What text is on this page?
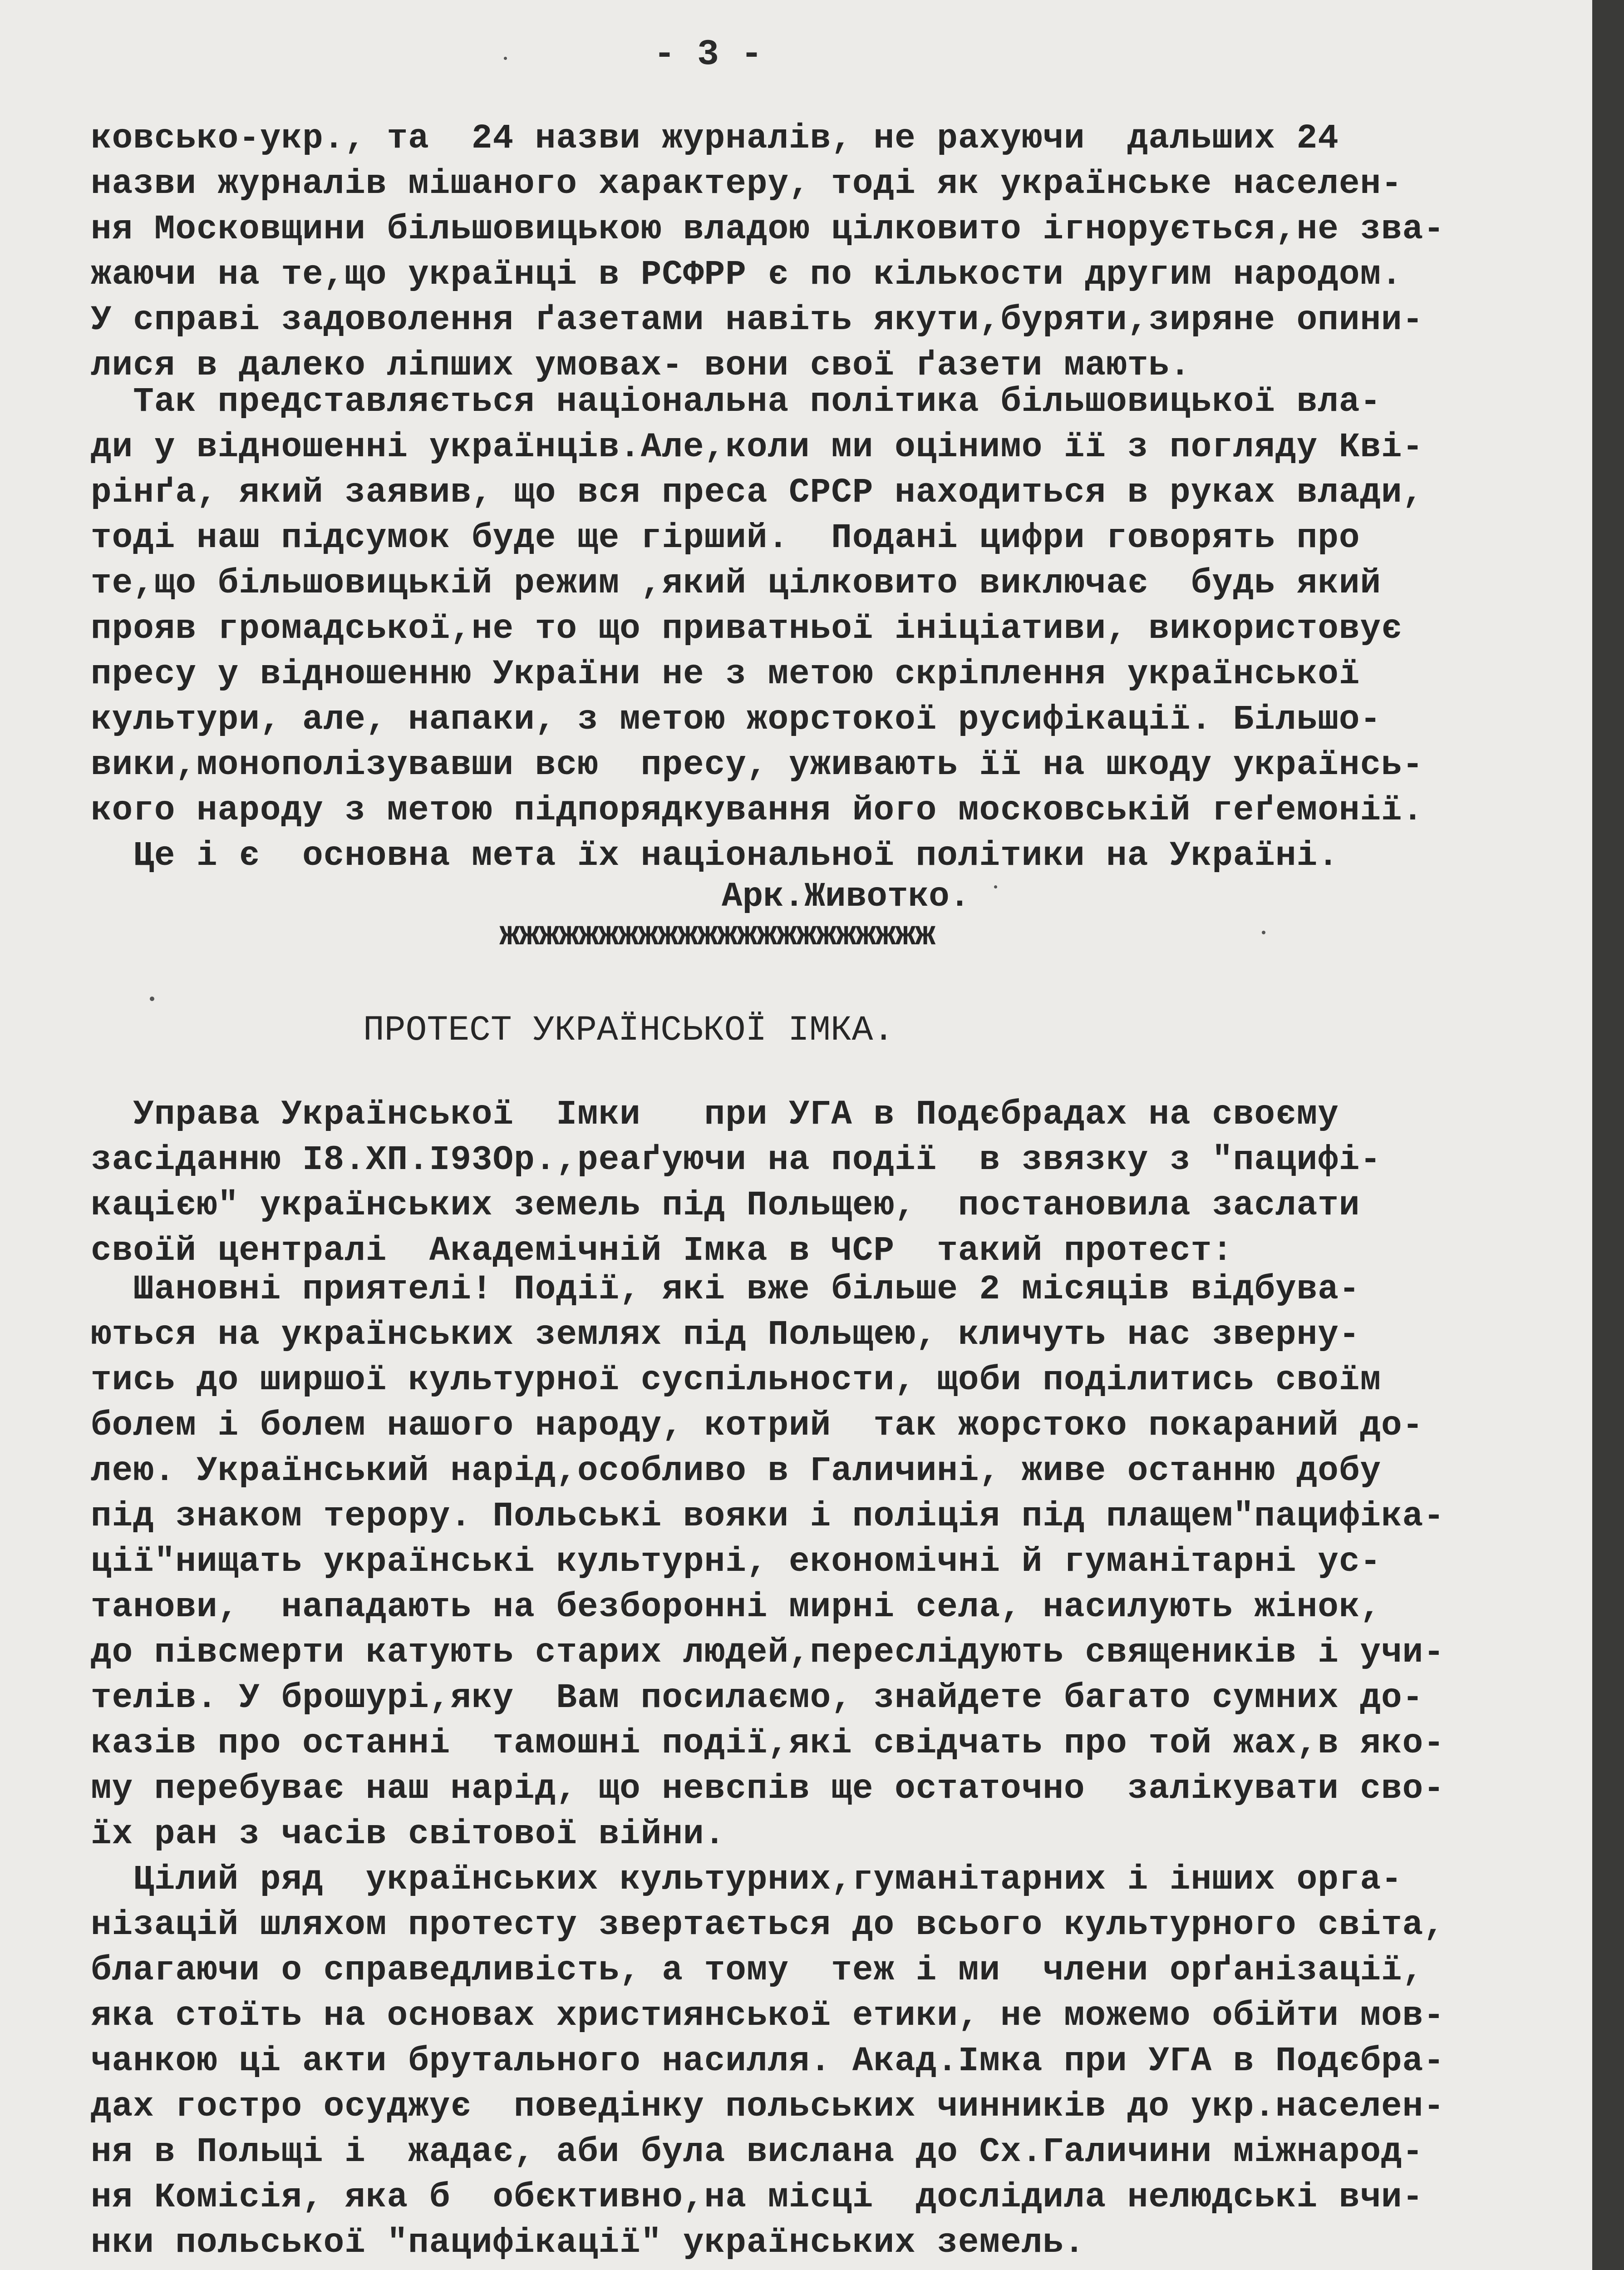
- 3 -
ковсько-укр., та  24 назви журналів, не рахуючи  дальших 24
назви журналів мішаного характеру, тоді як українське населен-
ня Московщини більшовицькою владою цілковито ігнорується,не зва-
жаючи на те,що українці в РСФРР є по кількости другим народом.
У справі задоволення ґазетами навіть якути,буряти,зиряне опини-
лися в далеко ліпших умовах- вони свої ґазети мають.
Так представляється національна політика більшовицької вла-
ди у відношенні українців.Але,коли ми оцінимо її з погляду Кві-
рінґа, який заявив, що вся преса СРСР находиться в руках влади,
тоді наш підсумок буде ще гірший.  Подані цифри говорять про
те,що більшовицькій режим ,який цілковито виключає  будь який
прояв громадської,не то що приватньої ініціативи, використовує
пресу у відношенню України не з метою скріплення української
культури, але, напаки, з метою жорстокої русифікації. Більшо-
вики,монополізувавши всю  пресу, уживають її на шкоду українсь-
кого народу з метою підпорядкування його московській геґемонії.
Це і є  основна мета їх національної політики на Україні.
Арк.Животко.
жжжжжжжжжжжжжжжжжжжжжж
ПРОТЕСТ УКРАЇНСЬКОЇ ІМКА.
Управа Української  Імки   при УГА в Подєбрадах на своєму
засіданню І8.ХП.І93Ор.,реаґуючи на події  в звязку з "пацифі-
кацією" українських земель під Польщею,  постановила заслати
своїй централі  Академічній Імка в ЧСР  такий протест:
Шановні приятелі! Події, які вже більше 2 місяців відбува-
ються на українських землях під Польщею, кличуть нас зверну-
тись до ширшої культурної суспільности, щоби поділитись своїм
болем і болем нашого народу, котрий  так жорстоко покараний до-
лею. Український нарід,особливо в Галичині, живе останню добу
під знаком терору. Польські вояки і поліція під плащем"пацифіка-
ції"нищать українські культурні, економічні й гуманітарні ус-
танови,  нападають на безборонні мирні села, насилують жінок,
до півсмерти катують старих людей,переслідують священиків і учи-
телів. У брошурі,яку  Вам посилаємо, знайдете багато сумних до-
казів про останні  тамошні події,які свідчать про той жах,в яко-
му перебуває наш нарід, що невспів ще остаточно  залікувати сво-
їх ран з часів світової війни.
Цілий ряд  українських культурних,гуманітарних і інших орга-
нізацій шляхом протесту звертається до всього культурного світа,
благаючи о справедливість, а тому  теж і ми  члени орґанізації,
яка стоїть на основах християнської етики, не можемо обійти мов-
чанкою ці акти брутального насилля. Акад.Імка при УГА в Подєбра-
дах гостро осуджує  поведінку польських чинників до укр.населен-
ня в Польщі і  жадає, аби була вислана до Сх.Галичини міжнарод-
ня Комісія, яка б  обєктивно,на місці  дослідила нелюдські вчи-
нки польської "пацифікації" українських земель.
